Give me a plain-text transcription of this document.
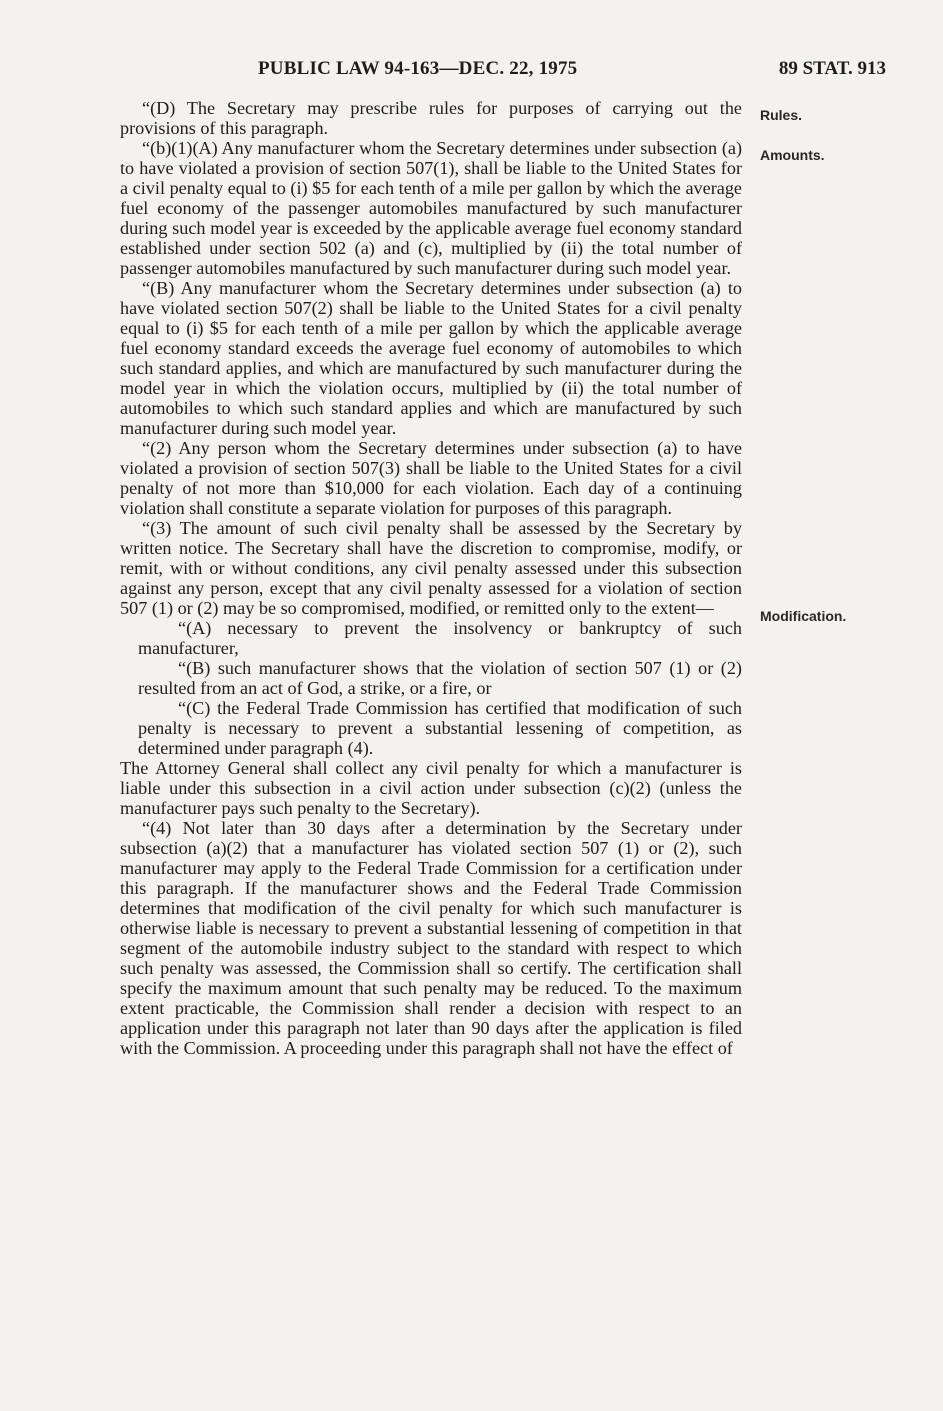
PUBLIC LAW 94-163—DEC. 22, 1975	89 STAT. 913
Rules.
Amounts.
Modification.

“(D) The Secretary may prescribe rules for purposes of carrying out the provisions of this paragraph.

“(b)(1)(A) Any manufacturer whom the Secretary determines under subsection (a) to have violated a provision of section 507(1), shall be liable to the United States for a civil penalty equal to (i) $5 for each tenth of a mile per gallon by which the average fuel economy of the passenger automobiles manufactured by such manufacturer during such model year is exceeded by the applicable average fuel economy standard established under section 502 (a) and (c), multiplied by (ii) the total number of passenger automobiles manufactured by such manufacturer during such model year.

“(B) Any manufacturer whom the Secretary determines under subsection (a) to have violated section 507(2) shall be liable to the United States for a civil penalty equal to (i) $5 for each tenth of a mile per gallon by which the applicable average fuel economy standard exceeds the average fuel economy of automobiles to which such standard applies, and which are manufactured by such manufacturer during the model year in which the violation occurs, multiplied by (ii) the total number of automobiles to which such standard applies and which are manufactured by such manufacturer during such model year.

“(2) Any person whom the Secretary determines under subsection (a) to have violated a provision of section 507(3) shall be liable to the United States for a civil penalty of not more than $10,000 for each violation. Each day of a continuing violation shall constitute a separate violation for purposes of this paragraph.

“(3) The amount of such civil penalty shall be assessed by the Secretary by written notice. The Secretary shall have the discretion to compromise, modify, or remit, with or without conditions, any civil penalty assessed under this subsection against any person, except that any civil penalty assessed for a violation of section 507 (1) or (2) may be so compromised, modified, or remitted only to the extent—

“(A) necessary to prevent the insolvency or bankruptcy of such manufacturer,

“(B) such manufacturer shows that the violation of section 507 (1) or (2) resulted from an act of God, a strike, or a fire, or

“(C) the Federal Trade Commission has certified that modification of such penalty is necessary to prevent a substantial lessening of competition, as determined under paragraph (4).

The Attorney General shall collect any civil penalty for which a manufacturer is liable under this subsection in a civil action under subsection (c)(2) (unless the manufacturer pays such penalty to the Secretary).

“(4) Not later than 30 days after a determination by the Secretary under subsection (a)(2) that a manufacturer has violated section 507 (1) or (2), such manufacturer may apply to the Federal Trade Commission for a certification under this paragraph. If the manufacturer shows and the Federal Trade Commission determines that modification of the civil penalty for which such manufacturer is otherwise liable is necessary to prevent a substantial lessening of competition in that segment of the automobile industry subject to the standard with respect to which such penalty was assessed, the Commission shall so certify. The certification shall specify the maximum amount that such penalty may be reduced. To the maximum extent practicable, the Commission shall render a decision with respect to an application under this paragraph not later than 90 days after the application is filed with the Commission. A proceeding under this paragraph shall not have the effect of
